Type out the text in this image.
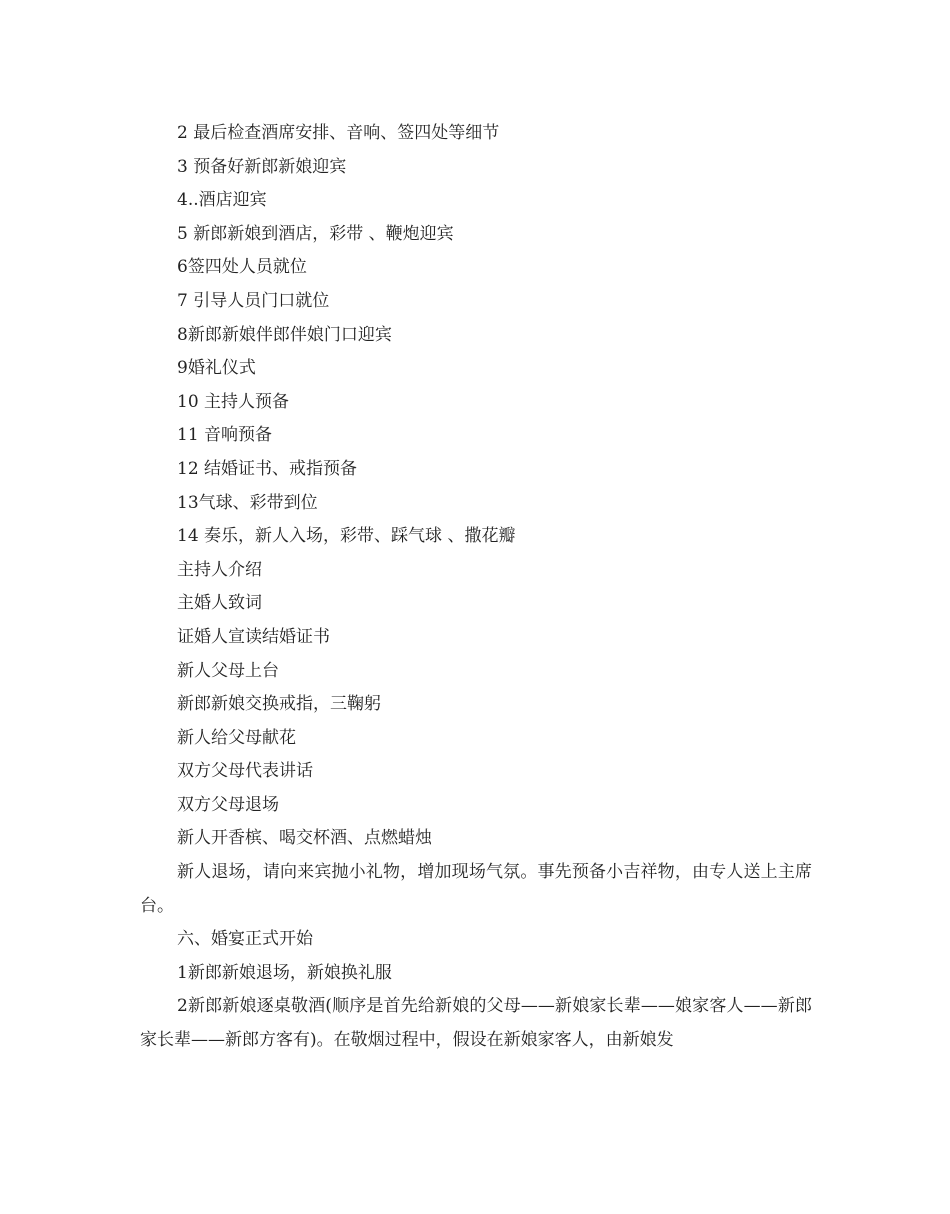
2 最后检查酒席安排、音响、签四处等细节
3 预备好新郎新娘迎宾
4..酒店迎宾
5 新郎新娘到酒店，彩带 、鞭炮迎宾
6签四处人员就位
7 引导人员门口就位
8新郎新娘伴郎伴娘门口迎宾
9婚礼仪式
10 主持人预备
11 音响预备
12 结婚证书、戒指预备
13气球、彩带到位
14 奏乐，新人入场，彩带、踩气球 、撒花瓣
主持人介绍
主婚人致词
证婚人宣读结婚证书
新人父母上台
新郎新娘交换戒指，三鞠躬
新人给父母献花
双方父母代表讲话
双方父母退场
新人开香槟、喝交杯酒、点燃蜡烛

新人退场，请向来宾抛小礼物，增加现场气氛。事先预备小吉祥物，由专人送上主席台。

六、婚宴正式开始
1新郎新娘退场，新娘换礼服

2新郎新娘逐桌敬酒(顺序是首先给新娘的父母——新娘家长辈——娘家客人——新郎家长辈——新郎方客有)。在敬烟过程中，假设在新娘家客人，由新娘发
